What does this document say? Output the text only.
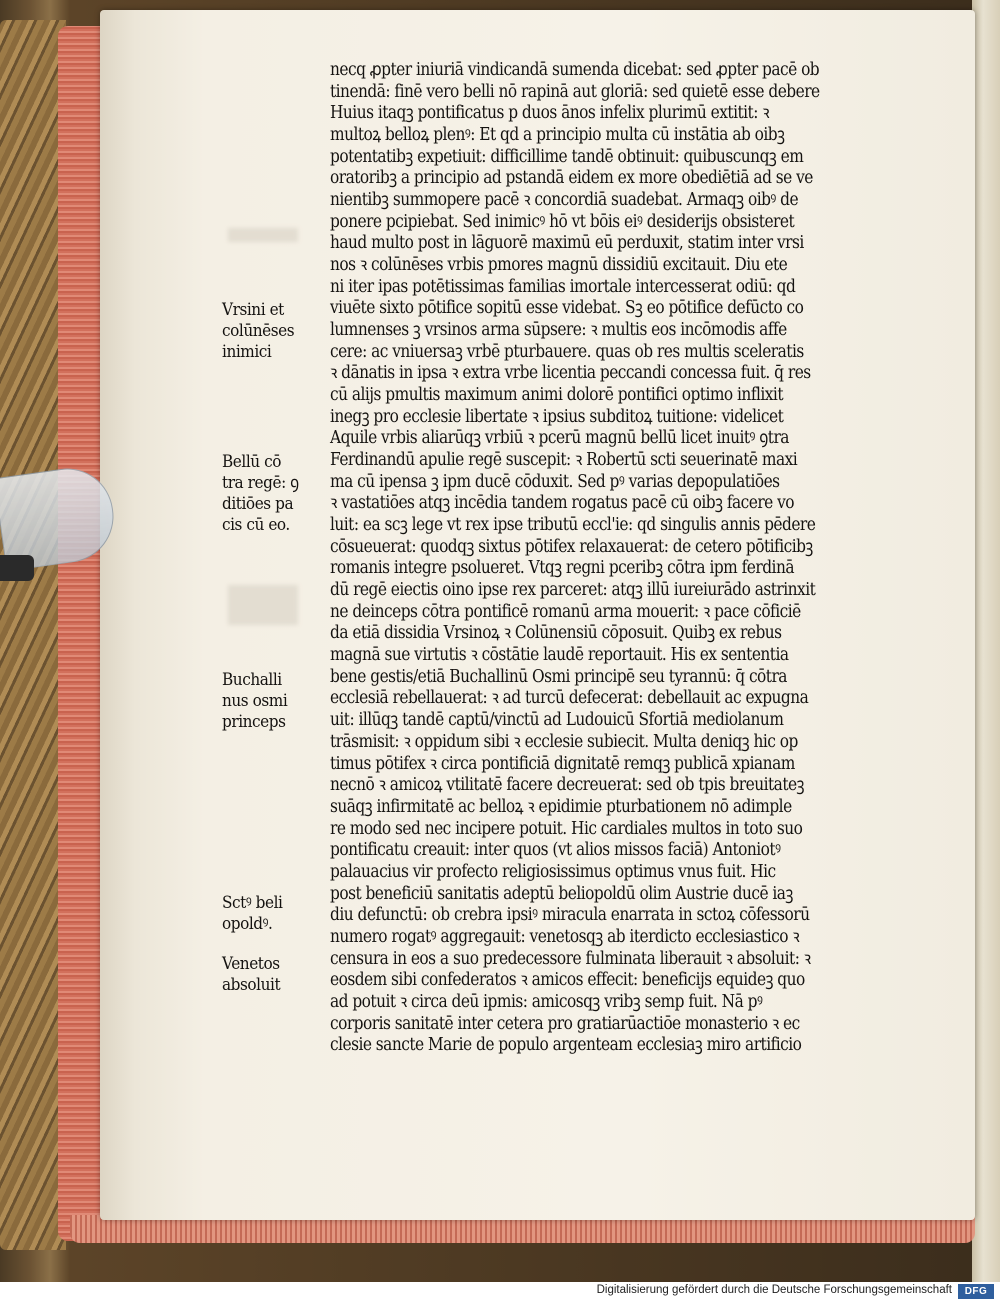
necq ꝓpter iniuriā vindicandā sumenda dicebat: sed ꝓpter pacē ob
tinendā: finē vero belli nō rapinā aut gloriā: sed quietē esse debere
Huius itaqꝫ pontificatus p duos ānos infelix plurimū extitit: ꝛ
multoꝝ belloꝝ plenꝰ: Et qd a principio multa cū instātia ab oibꝫ
potentatibꝫ expetiuit: difficillime tandē obtinuit: quibuscunqꝫ em
oratoribꝫ a principio ad pstandā eidem ex more obediētiā ad se ve
nientibꝫ summopere pacē ꝛ concordiā suadebat. Armaqꝫ oibꝰ de
ponere pcipiebat. Sed inimicꝰ hō vt bōis eiꝰ desiderijs obsisteret
haud multo post in lāguorē maximū eū perduxit, statim inter vrsi
nos ꝛ colūnēses vrbis pmores magnū dissidiū excitauit. Diu ete
ni iter ipas potētissimas familias imortale intercesserat odiū: qd
viuēte sixto pōtifice sopitū esse videbat. Sꝫ eo pōtifice defūcto co
lumnenses ꝫ vrsinos arma sūpsere: ꝛ multis eos incōmodis affe
cere: ac vniuersaꝫ vrbē pturbauere. quas ob res multis sceleratis
ꝛ dānatis in ipsa ꝛ extra vrbe licentia peccandi concessa fuit. q̄ res
cū alijs pmultis maximum animi dolorē pontifici optimo inflixit
inegꝫ pro ecclesie libertate ꝛ ipsius subditoꝝ tuitione: videlicet
Aquile vrbis aliarūqꝫ vrbiū ꝛ pcerū magnū bellū licet inuitꝰ ꝯtra
Ferdinandū apulie regē suscepit: ꝛ Robertū scti seuerinatē maxi
ma cū ipensa ꝫ ipm ducē cōduxit. Sed pꝰ varias depopulatiōes
ꝛ vastatiōes atqꝫ incēdia tandem rogatus pacē cū oibꝫ facere vo
luit: ea scꝫ lege vt rex ipse tributū eccl'ie: qd singulis annis pēdere
cōsueuerat: quodqꝫ sixtus pōtifex relaxauerat: de cetero pōtificibꝫ
romanis integre psolueret. Vtqꝫ regni pceribꝫ cōtra ipm ferdinā
dū regē eiectis oino ipse rex parceret: atqꝫ illū iureiurādo astrinxit
ne deinceps cōtra pontificē romanū arma mouerit: ꝛ pace cōficiē
da etiā dissidia Vrsinoꝝ ꝛ Colūnensiū cōposuit. Quibꝫ ex rebus
magnā sue virtutis ꝛ cōstātie laudē reportauit. His ex sententia
bene gestis/etiā Buchallinū Osmi principē seu tyrannū: q̄ cōtra
ecclesiā rebellauerat: ꝛ ad turcū defecerat: debellauit ac expugna
uit: illūqꝫ tandē captū/vinctū ad Ludouicū Sfortiā mediolanum
trāsmisit: ꝛ oppidum sibi ꝛ ecclesie subiecit. Multa deniqꝫ hic op
timus pōtifex ꝛ circa pontificiā dignitatē remqꝫ publicā xpianam
necnō ꝛ amicoꝝ vtilitatē facere decreuerat: sed ob tpis breuitateꝫ
suāqꝫ infirmitatē ac belloꝝ ꝛ epidimie pturbationem nō adimple
re modo sed nec incipere potuit. Hic cardiales multos in toto suo
pontificatu creauit: inter quos (vt alios missos faciā) Antoniotꝰ
palauacius vir profecto religiosissimus optimus vnus fuit. Hic
post beneficiū sanitatis adeptū beliopoldū olim Austrie ducē iaꝫ
diu defunctū: ob crebra ipsiꝰ miracula enarrata in sctoꝝ cōfessorū
numero rogatꝰ aggregauit: venetosqꝫ ab iterdicto ecclesiastico ꝛ
censura in eos a suo predecessore fulminata liberauit ꝛ absoluit: ꝛ
eosdem sibi confederatos ꝛ amicos effecit: beneficijs equideꝫ quo
ad potuit ꝛ circa deū ipmis: amicosqꝫ vribꝫ semp fuit. Nā pꝰ
corporis sanitatē inter cetera pro gratiarūactiōe monasterio ꝛ ec
clesie sancte Marie de populo argenteam ecclesiaꝫ miro artificio
Vrsini et
colūnēses
inimici
Bellū cō
tra regē: ꝯ
ditiōes pa
cis cū eo.
Buchalli
nus osmi
princeps
Sctꝰ beli
opoldꝰ.
Venetos
absoluit
Digitalisierung gefördert durch die Deutsche Forschungsgemeinschaft	DFG
